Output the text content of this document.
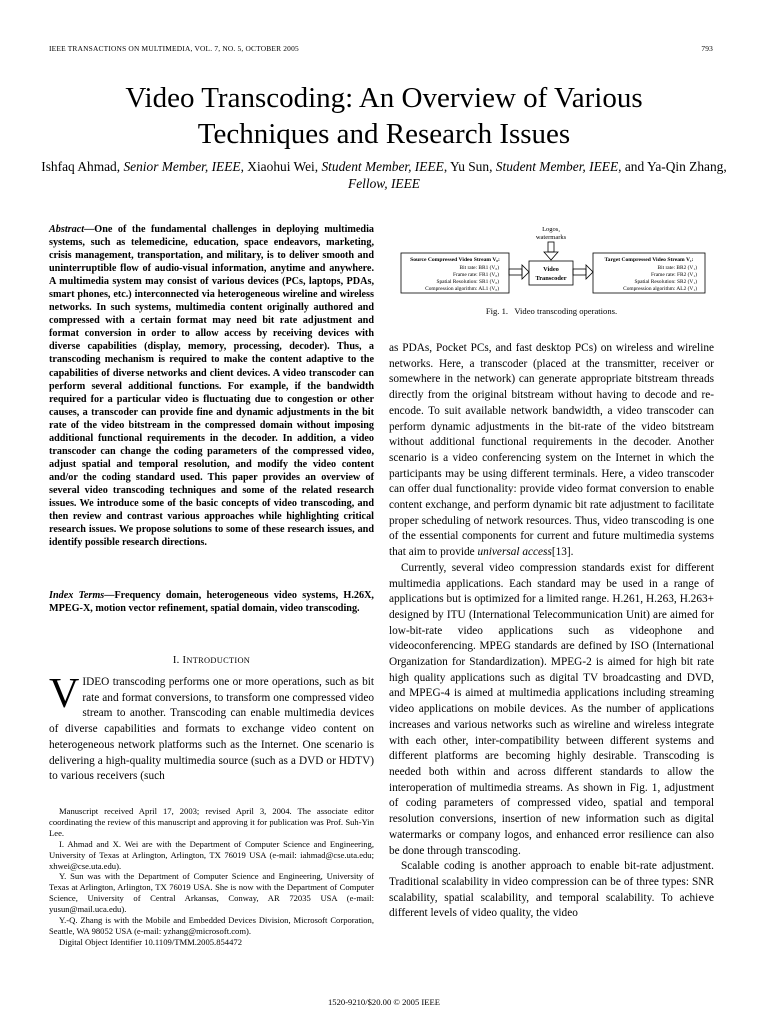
IEEE TRANSACTIONS ON MULTIMEDIA, VOL. 7, NO. 5, OCTOBER 2005	793
Video Transcoding: An Overview of Various
Techniques and Research Issues
Ishfaq Ahmad, Senior Member, IEEE, Xiaohui Wei, Student Member, IEEE, Yu Sun, Student Member, IEEE, and Ya-Qin Zhang, Fellow, IEEE
Abstract—One of the fundamental challenges in deploying multimedia systems, such as telemedicine, education, space endeavors, marketing, crisis management, transportation, and military, is to deliver smooth and uninterruptible flow of audio-visual information, anytime and anywhere. A multimedia system may consist of various devices (PCs, laptops, PDAs, smart phones, etc.) interconnected via heterogeneous wireline and wireless networks. In such systems, multimedia content originally authored and compressed with a certain format may need bit rate adjustment and format conversion in order to allow access by receiving devices with diverse capabilities (display, memory, processing, decoder). Thus, a transcoding mechanism is required to make the content adaptive to the capabilities of diverse networks and client devices. A video transcoder can perform several additional functions. For example, if the bandwidth required for a particular video is fluctuating due to congestion or other causes, a transcoder can provide fine and dynamic adjustments in the bit rate of the video bitstream in the compressed domain without imposing additional functional requirements in the decoder. In addition, a video transcoder can change the coding parameters of the compressed video, adjust spatial and temporal resolution, and modify the video content and/or the coding standard used. This paper provides an overview of several video transcoding techniques and some of the related research issues. We introduce some of the basic concepts of video transcoding, and then review and contrast various approaches while highlighting critical research issues. We propose solutions to some of these research issues, and identify possible research directions.
Index Terms—Frequency domain, heterogeneous video systems, H.26X, MPEG-X, motion vector refinement, spatial domain, video transcoding.
I. INTRODUCTION
VIDEO transcoding performs one or more operations, such as bit rate and format conversions, to transform one compressed video stream to another. Transcoding can enable multimedia devices of diverse capabilities and formats to exchange video content on heterogeneous network platforms such as the Internet. One scenario is delivering a high-quality multimedia source (such as a DVD or HDTV) to various receivers (such

Manuscript received April 17, 2003; revised April 3, 2004. The associate editor coordinating the review of this manuscript and approving it for publication was Prof. Suh-Yin Lee.

I. Ahmad and X. Wei are with the Department of Computer Science and Engineering, University of Texas at Arlington, Arlington, TX 76019 USA (e-mail: iahmad@cse.uta.edu; xhwei@cse.uta.edu).

Y. Sun was with the Department of Computer Science and Engineering, University of Texas at Arlington, Arlington, TX 76019 USA. She is now with the Department of Computer Science, University of Central Arkansas, Conway, AR 72035 USA (e-mail: yusun@mail.uca.edu).

Y.-Q. Zhang is with the Mobile and Embedded Devices Division, Microsoft Corporation, Seattle, WA 98052 USA (e-mail: yzhang@microsoft.com).

Digital Object Identifier 10.1109/TMM.2005.854472

Logos,
watermarks
Source Compressed Video Stream V₀:
Bit rate: BR1 (V₀)
Frame rate: FR1 (V₀)
Spatial Resolution: SR1 (V₀)
Compression algorithm: AL1 (V₀)
Video
Transcoder
Target Compressed Video Stream V₁:
Bit rate: BR2 (V₁)
Frame rate: FR2 (V₁)
Spatial Resolution: SR2 (V₁)
Compression algorithm: AL2 (V₁)
Fig. 1.   Video transcoding operations.

as PDAs, Pocket PCs, and fast desktop PCs) on wireless and wireline networks. Here, a transcoder (placed at the transmitter, receiver or somewhere in the network) can generate appropriate bitstream threads directly from the original bitstream without having to decode and re-encode. To suit available network bandwidth, a video transcoder can perform dynamic adjustments in the bit-rate of the video bitstream without additional functional requirements in the decoder. Another scenario is a video conferencing system on the Internet in which the participants may be using different terminals. Here, a video transcoder can offer dual functionality: provide video format conversion to enable content exchange, and perform dynamic bit rate adjustment to facilitate proper scheduling of network resources. Thus, video transcoding is one of the essential components for current and future multimedia systems that aim to provide universal access[13].

Currently, several video compression standards exist for different multimedia applications. Each standard may be used in a range of applications but is optimized for a limited range. H.261, H.263, H.263+ designed by ITU (International Telecommunication Unit) are aimed for low-bit-rate video applications such as videophone and videoconferencing. MPEG standards are defined by ISO (International Organization for Standardization). MPEG-2 is aimed for high bit rate high quality applications such as digital TV broadcasting and DVD, and MPEG-4 is aimed at multimedia applications including streaming video applications on mobile devices. As the number of applications increases and various networks such as wireline and wireless integrate with each other, inter-compatibility between different systems and different platforms are becoming highly desirable. Transcoding is needed both within and across different standards to allow the interoperation of multimedia streams. As shown in Fig. 1, adjustment of coding parameters of compressed video, spatial and temporal resolution conversions, insertion of new information such as digital watermarks or company logos, and enhanced error resilience can also be done through transcoding.

Scalable coding is another approach to enable bit-rate adjustment. Traditional scalability in video compression can be of three types: SNR scalability, spatial scalability, and temporal scalability. To achieve different levels of video quality, the video

1520-9210/$20.00 © 2005 IEEE
